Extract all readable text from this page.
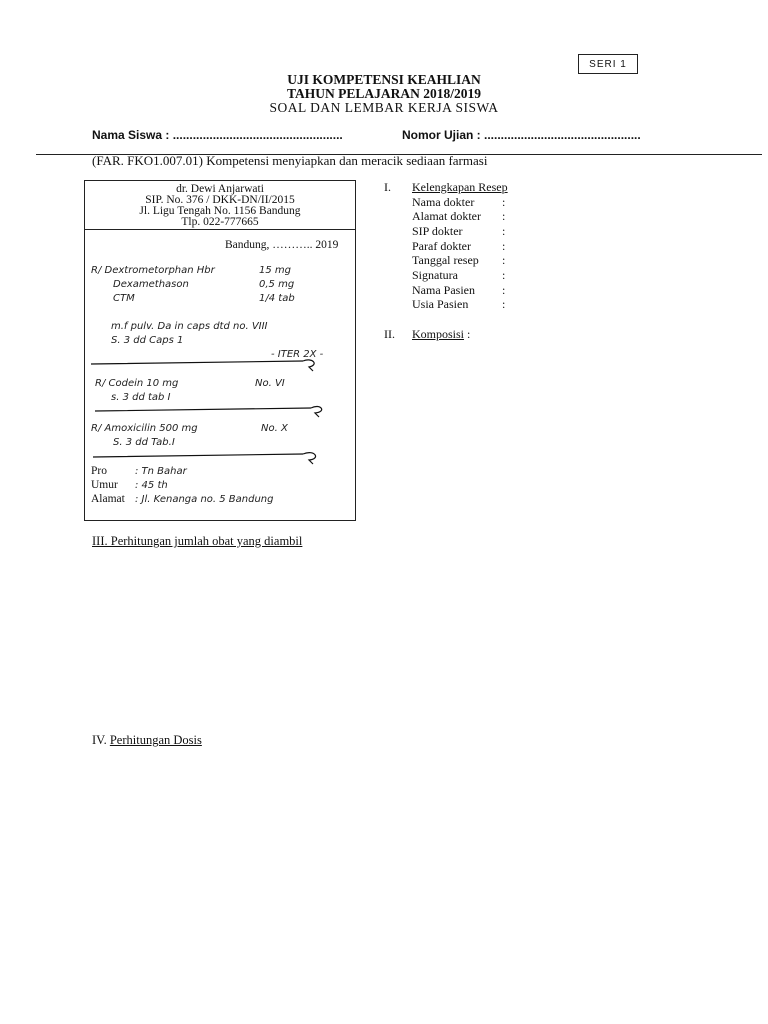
SERI 1
UJI KOMPETENSI KEAHLIAN
TAHUN PELAJARAN 2018/2019
SOAL DAN LEMBAR KERJA SISWA
Nama Siswa : ...................................................	Nomor Ujian : ...............................................
(FAR. FKO1.007.01) Kompetensi menyiapkan dan meracik sediaan farmasi
dr. Dewi Anjarwati
SIP. No. 376 / DKK-DN/II/2015
Jl. Ligu Tengah No. 1156 Bandung
Tlp. 022-777665
Bandung, ……….. 2019
R/ Dextrometorphan Hbr	15 mg
Dexamethason	0,5 mg
CTM	1/4 tab
m.f pulv. Da in caps dtd no. VIII
S. 3 dd Caps 1
- ITER 2X -
R/ Codein 10 mg	No. VI
s. 3 dd tab I
R/ Amoxicilin 500 mg	No. X
S. 3 dd Tab.I
Pro	: Tn Bahar
Umur : 45 th
Alamat : Jl. Kenanga no. 5 Bandung
I. Kelengkapan Resep
Nama dokter :
Alamat dokter :
SIP dokter	:
Paraf dokter	:
Tanggal resep :
Signatura	:
Nama Pasien :
Usia Pasien	:
II. Komposisi :
III. Perhitungan jumlah obat yang diambil
IV. Perhitungan Dosis
